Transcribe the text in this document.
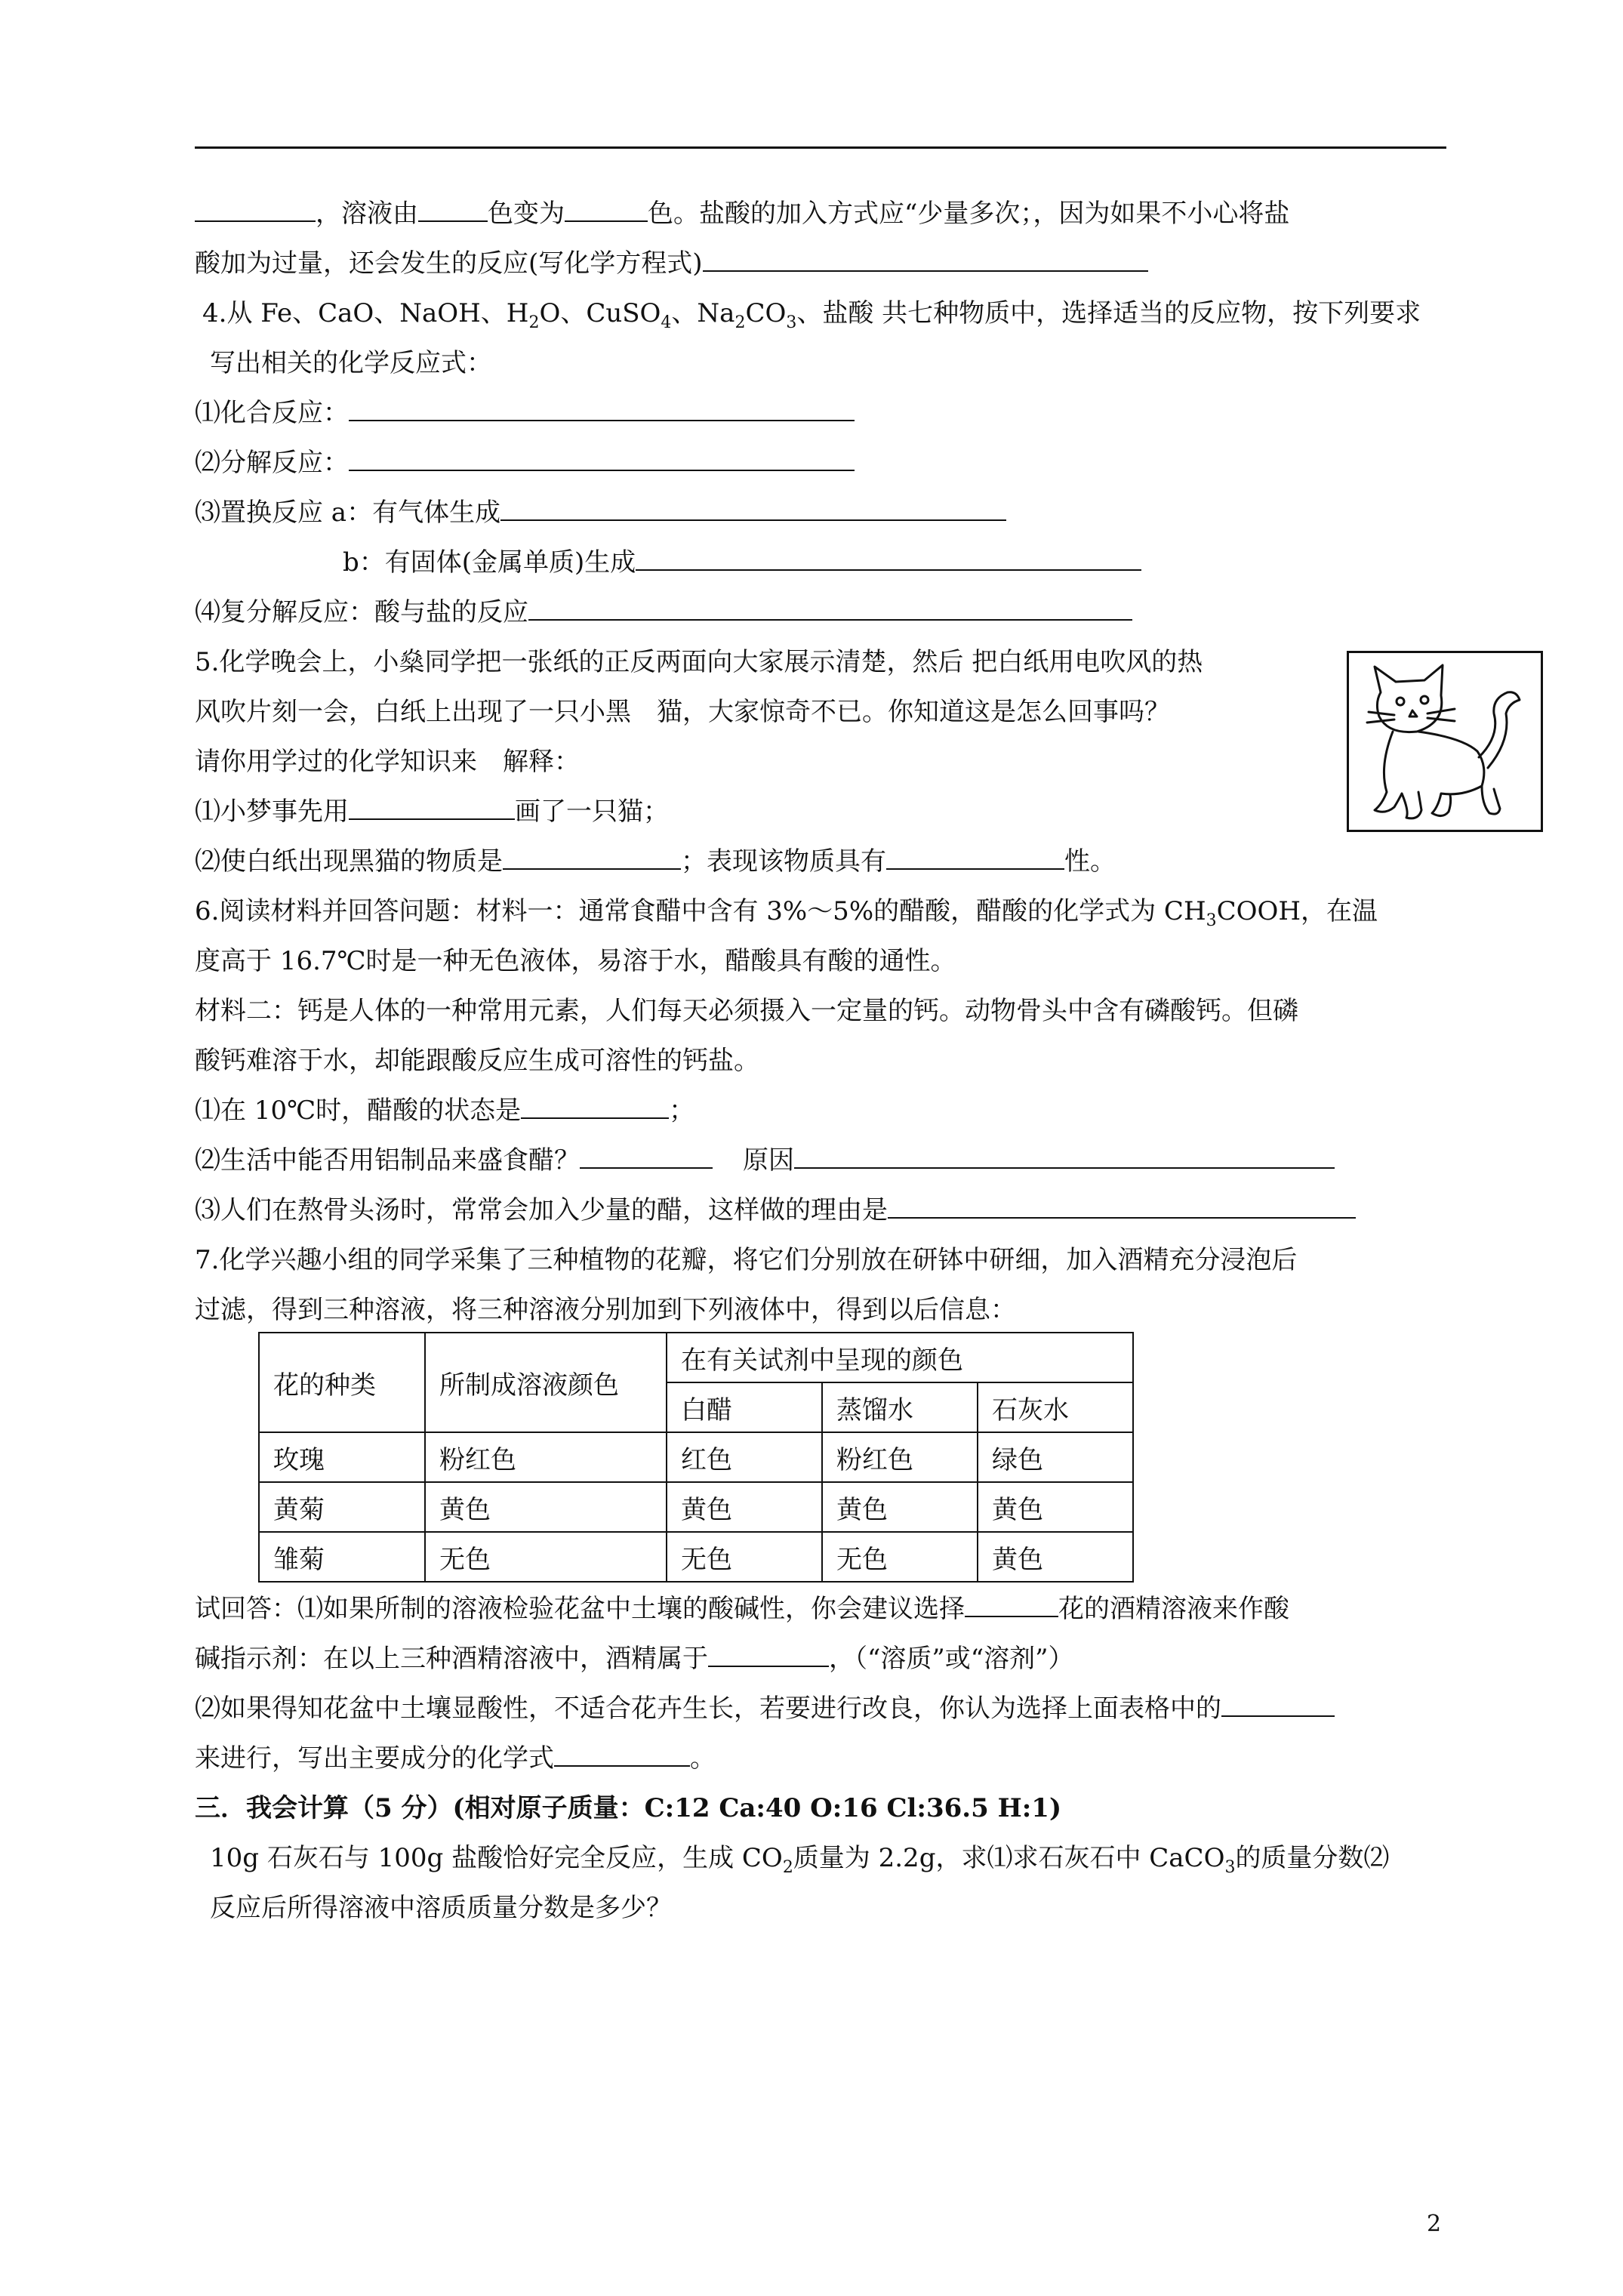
，溶液由	色变为	色。盐酸的加入方式应“少量多次；，因为如果不小心将盐
酸加为过量，还会发生的反应(写化学方程式)
4.从 Fe、CaO、NaOH、$H_2O$、CuSO$_4$、$Na_2CO_3$、盐酸 共七种物质中，选择适当的反应物，按下列要求
写出相关的化学反应式：
⑴化合反应：
⑵分解反应：
⑶置换反应 a：有气体生成
b：有固体(金属单质)生成
⑷复分解反应：酸与盐的反应
5.化学晚会上，小燊同学把一张纸的正反两面向大家展示清楚，然后 把白纸用电吹风的热
风吹片刻一会，白纸上出现了一只小黑　猫，大家惊奇不已。你知道这是怎么回事吗？
请你用学过的化学知识来　解释：
⑴小梦事先用	画了一只猫；
⑵使白纸出现黑猫的物质是	；表现该物质具有	性。
6.阅读材料并回答问题：材料一：通常食醋中含有 3%～5%的醋酸，醋酸的化学式为 $CH_3COOH$，在温
度高于 16.7℃时是一种无色液体，易溶于水，醋酸具有酸的通性。
材料二：钙是人体的一种常用元素，人们每天必须摄入一定量的钙。动物骨头中含有磷酸钙。但磷
酸钙难溶于水，却能跟酸反应生成可溶性的钙盐。
⑴在 10℃时，醋酸的状态是	；
⑵生活中能否用铝制品来盛食醋？	原因
⑶人们在熬骨头汤时，常常会加入少量的醋，这样做的理由是
7.化学兴趣小组的同学采集了三种植物的花瓣，将它们分别放在研钵中研细，加入酒精充分浸泡后
过滤，得到三种溶液，将三种溶液分别加到下列液体中，得到以后信息：
试回答：⑴如果所制的溶液检验花盆中土壤的酸碱性，你会建议选择	花的酒精溶液来作酸
碱指示剂：在以上三种酒精溶液中，酒精属于	，（“溶质”或“溶剂”）
⑵如果得知花盆中土壤显酸性，不适合花卉生长，若要进行改良，你认为选择上面表格中的
来进行，写出主要成分的化学式	。
三．我会计算（5 分）(相对原子质量：C:12 Ca:40 O:16 Cl:36.5 H:1)
10g 石灰石与 100g 盐酸恰好完全反应，生成 $CO_2$质量为 2.2g，求⑴求石灰石中 CaCO$_3$的质量分数⑵
反应后所得溶液中溶质质量分数是多少？
花的种类	所制成溶液颜色	在有关试剂中呈现的颜色		
		白醋	蒸馏水	石灰水
玫瑰	粉红色	红色	粉红色	绿色
黄菊	黄色	黄色	黄色	黄色
雏菊	无色	无色	无色	黄色
2
